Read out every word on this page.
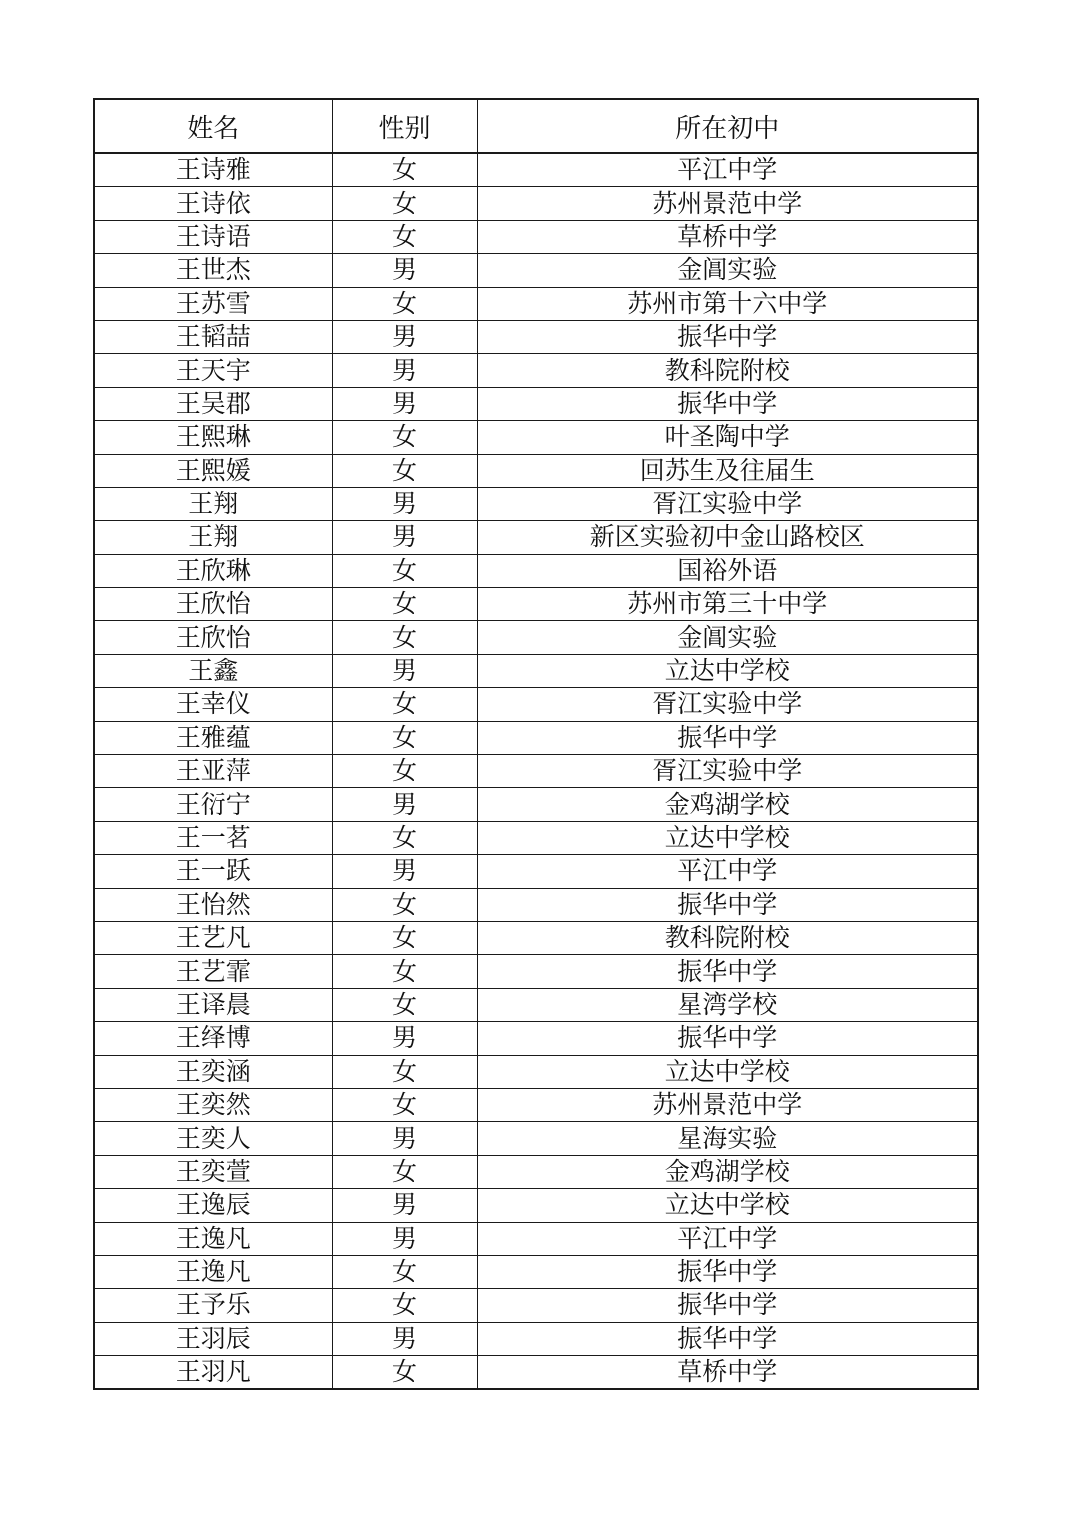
姓名	性别	所在初中
王诗雅	女	平江中学
王诗依	女	苏州景范中学
王诗语	女	草桥中学
王世杰	男	金阊实验
王苏雪	女	苏州市第十六中学
王韬喆	男	振华中学
王天宇	男	教科院附校
王吴郡	男	振华中学
王熙琳	女	叶圣陶中学
王熙媛	女	回苏生及往届生
王翔	男	胥江实验中学
王翔	男	新区实验初中金山路校区
王欣琳	女	国裕外语
王欣怡	女	苏州市第三十中学
王欣怡	女	金阊实验
王鑫	男	立达中学校
王幸仪	女	胥江实验中学
王雅蕴	女	振华中学
王亚萍	女	胥江实验中学
王衍宁	男	金鸡湖学校
王一茗	女	立达中学校
王一跃	男	平江中学
王怡然	女	振华中学
王艺凡	女	教科院附校
王艺霏	女	振华中学
王译晨	女	星湾学校
王绎博	男	振华中学
王奕涵	女	立达中学校
王奕然	女	苏州景范中学
王奕人	男	星海实验
王奕萱	女	金鸡湖学校
王逸辰	男	立达中学校
王逸凡	男	平江中学
王逸凡	女	振华中学
王予乐	女	振华中学
王羽辰	男	振华中学
王羽凡	女	草桥中学
